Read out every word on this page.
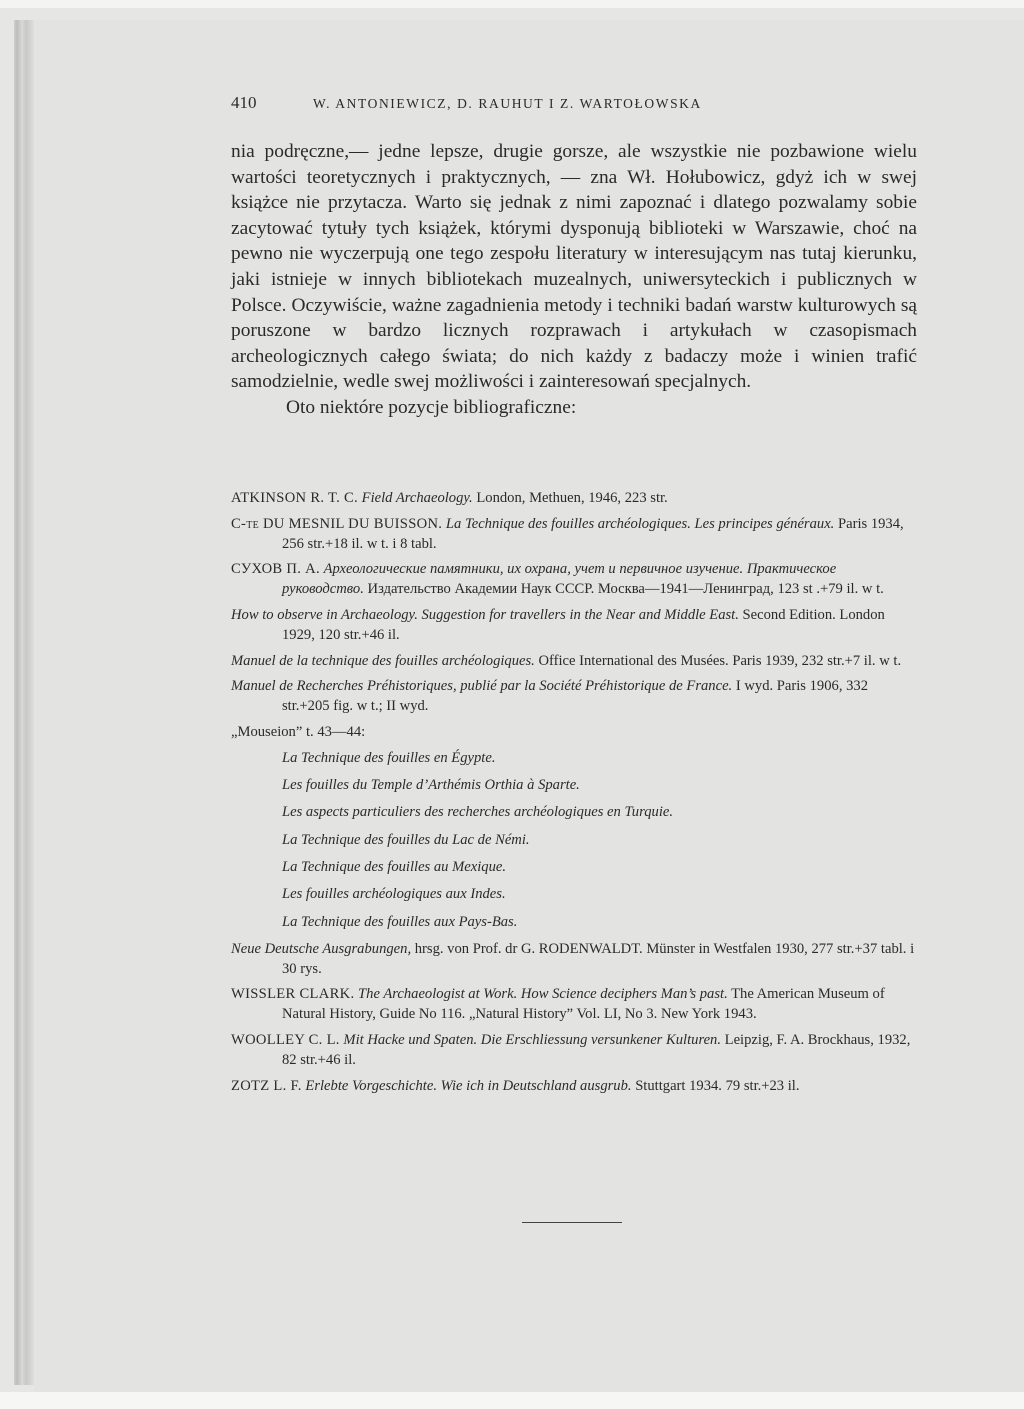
410	W. ANTONIEWICZ, D. RAUHUT I Z. WARTOŁOWSKA

nia podręczne,— jedne lepsze, drugie gorsze, ale wszystkie nie pozbawione wielu wartości teoretycznych i praktycznych, — zna Wł. Hołubowicz, gdyż ich w swej książce nie przytacza. Warto się jednak z nimi zapoznać i dlatego pozwalamy sobie zacytować tytuły tych książek, którymi dysponują biblioteki w Warszawie, choć na pewno nie wyczerpują one tego zespołu literatury w interesującym nas tutaj kierunku, jaki istnieje w innych bibliotekach muzealnych, uniwersyteckich i publicznych w Polsce. Oczywiście, ważne zagadnienia metody i techniki badań warstw kulturowych są poruszone w bardzo licznych rozprawach i artykułach w czasopismach archeologicznych całego świata; do nich każdy z badaczy może i winien trafić samodzielnie, wedle swej możliwości i zainteresowań specjalnych.

Oto niektóre pozycje bibliograficzne:

ATKINSON R. T. C. Field Archaeology. London, Methuen, 1946, 223 str.
C-te DU MESNIL DU BUISSON. La Technique des fouilles archéologiques. Les principes généraux. Paris 1934, 256 str.+18 il. w t. i 8 tabl.
СУХОВ П. А. Археологические памятники, их охрана, учет и первичное изучение. Практическое руководство. Издательство Академии Наук СССР. Москва—1941—Ленинград, 123 st .+79 il. w t.
How to observe in Archaeology. Suggestion for travellers in the Near and Middle East. Second Edition. London 1929, 120 str.+46 il.
Manuel de la technique des fouilles archéologiques. Office International des Musées. Paris 1939, 232 str.+7 il. w t.
Manuel de Recherches Préhistoriques, publié par la Société Préhistorique de France. I wyd. Paris 1906, 332 str.+205 fig. w t.; II wyd.
„Mouseion” t. 43—44:
La Technique des fouilles en Égypte.
Les fouilles du Temple d’Arthémis Orthia à Sparte.
Les aspects particuliers des recherches archéologiques en Turquie.
La Technique des fouilles du Lac de Némi.
La Technique des fouilles au Mexique.
Les fouilles archéologiques aux Indes.
La Technique des fouilles aux Pays-Bas.
Neue Deutsche Ausgrabungen, hrsg. von Prof. dr G. RODENWALDT. Münster in Westfalen 1930, 277 str.+37 tabl. i 30 rys.
WISSLER CLARK. The Archaeologist at Work. How Science deciphers Man’s past. The American Museum of Natural History, Guide No 116. „Natural History” Vol. LI, No 3. New York 1943.
WOOLLEY C. L. Mit Hacke und Spaten. Die Erschliessung versunkener Kulturen. Leipzig, F. A. Brockhaus, 1932, 82 str.+46 il.
ZOTZ L. F. Erlebte Vorgeschichte. Wie ich in Deutschland ausgrub. Stuttgart 1934. 79 str.+23 il.
